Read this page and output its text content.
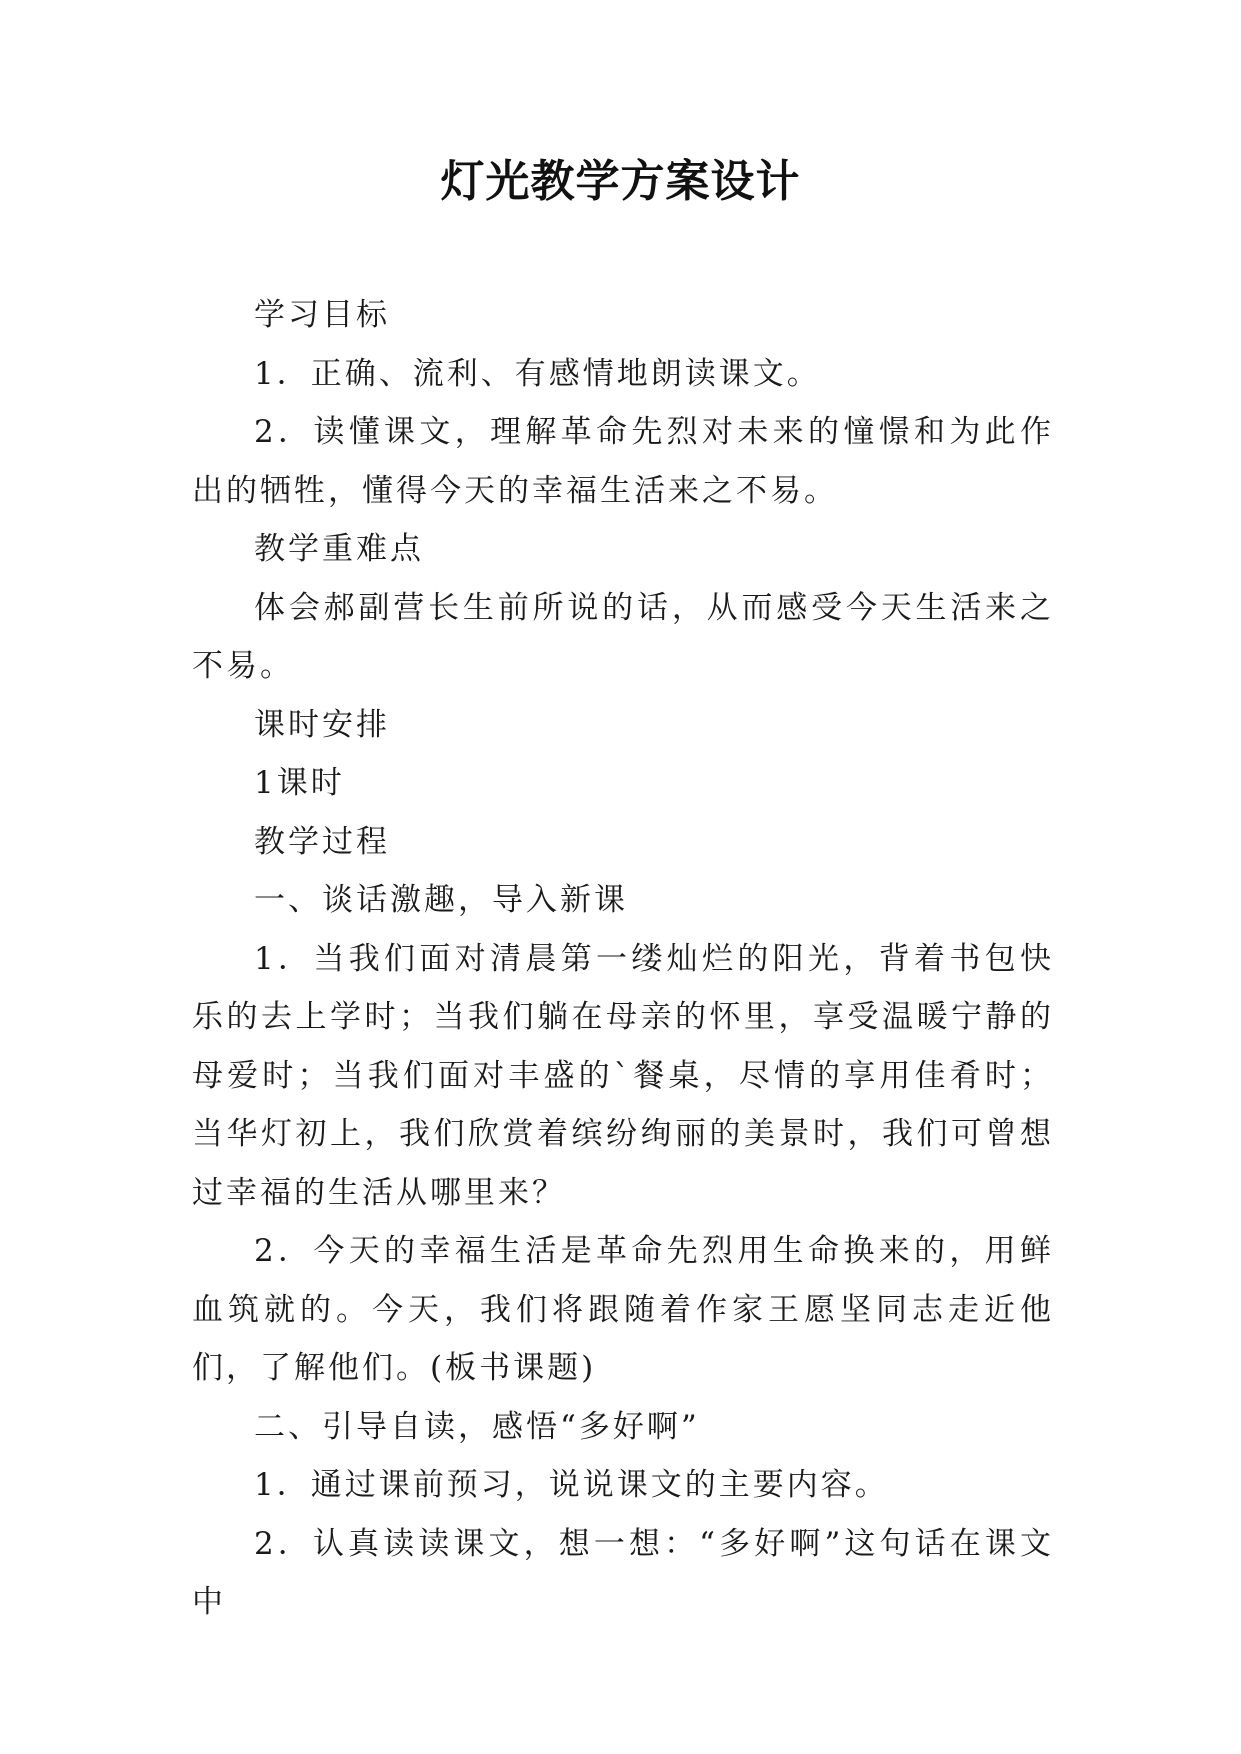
灯光教学方案设计

学习目标

1．正确、流利、有感情地朗读课文。

2．读懂课文，理解革命先烈对未来的憧憬和为此作出的牺牲，懂得今天的幸福生活来之不易。

教学重难点

体会郝副营长生前所说的话，从而感受今天生活来之不易。

课时安排

1课时

教学过程

一、谈话激趣，导入新课

1．当我们面对清晨第一缕灿烂的阳光，背着书包快乐的去上学时；当我们躺在母亲的怀里，享受温暖宁静的母爱时；当我们面对丰盛的`餐桌，尽情的享用佳肴时；当华灯初上，我们欣赏着缤纷绚丽的美景时，我们可曾想过幸福的生活从哪里来？

2．今天的幸福生活是革命先烈用生命换来的，用鲜血筑就的。今天，我们将跟随着作家王愿坚同志走近他们，了解他们。(板书课题)

二、引导自读，感悟“多好啊”

1．通过课前预习，说说课文的主要内容。

2．认真读读课文，想一想：“多好啊”这句话在课文中
